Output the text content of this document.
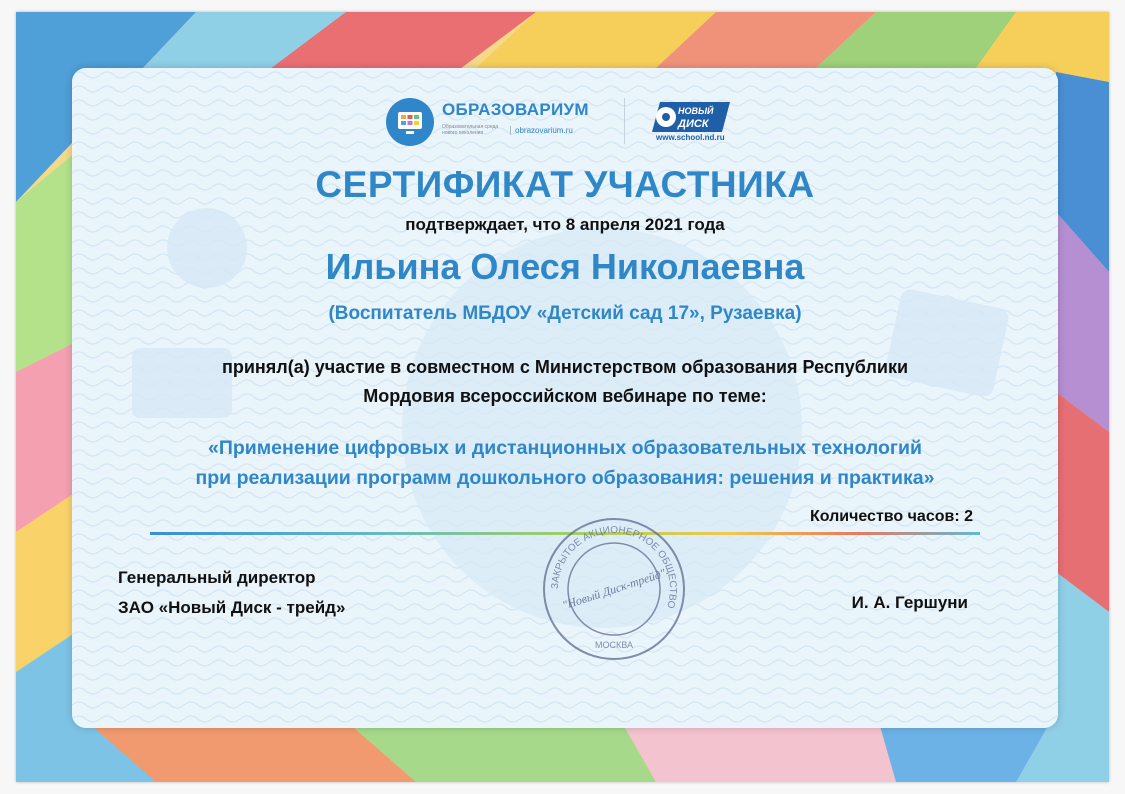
ОБРАЗОВАРИУМ
Образовательная среда нового поколения	obrazovarium.ru
НОВЫЙ
ДИСК
www.school.nd.ru
СЕРТИФИКАТ УЧАСТНИКА
подтверждает, что 8 апреля 2021 года
Ильина Олеся Николаевна
(Воспитатель МБДОУ «Детский сад 17», Рузаевка)
принял(а) участие в совместном с Министерством образования Республики
Мордовия всероссийском вебинаре по теме:
«Применение цифровых и дистанционных образовательных технологий
при реализации программ дошкольного образования: решения и практика»
Количество часов: 2
ЗАКРЫТОЕ АКЦИОНЕРНОЕ ОБЩЕСТВО
"Новый Диск-трейд"
МОСКВА
Генеральный директор
ЗАО «Новый Диск - трейд»	И. А. Гершуни
